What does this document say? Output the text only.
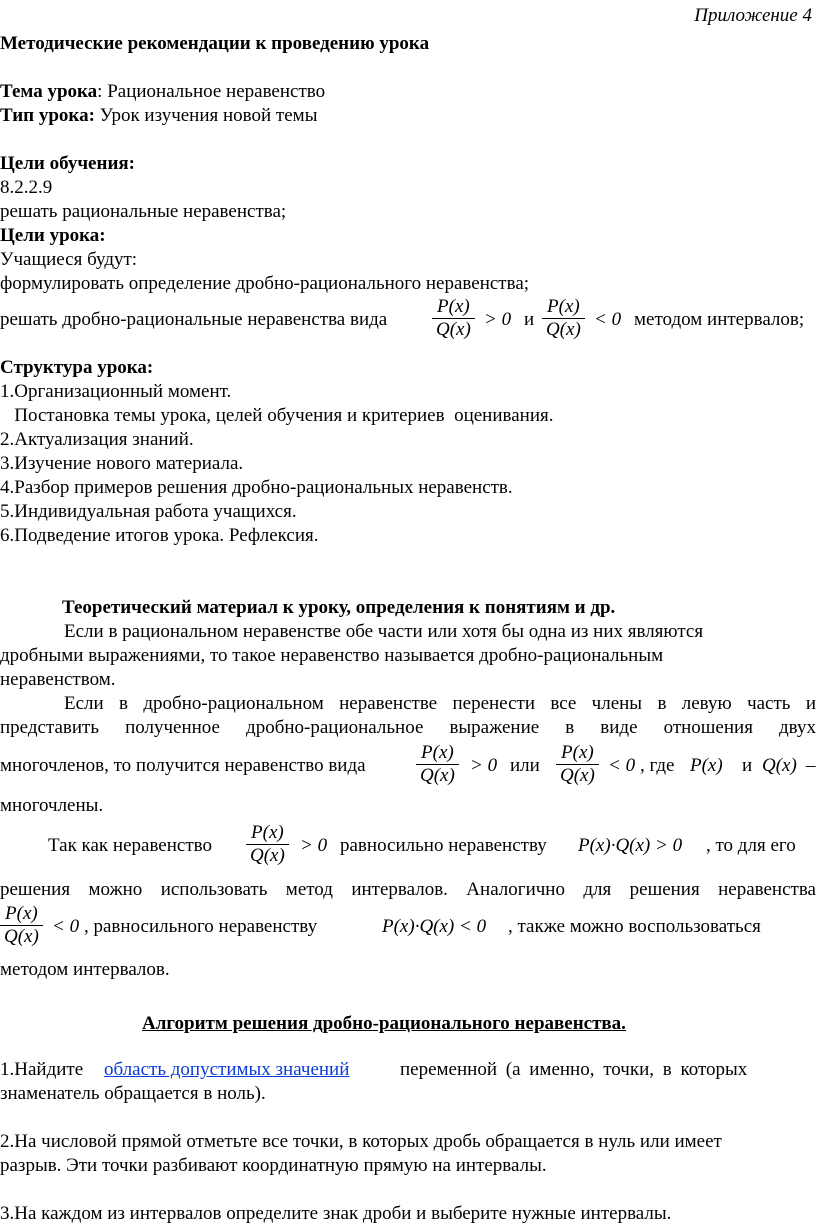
Приложение 4
Методические рекомендации к проведению урока
Тема урока: Рациональное неравенство
Тип урока: Урок изучения новой темы
Цели обучения:
8.2.2.9
решать рациональные неравенства;
Цели урока:
Учащиеся будут:
формулировать определение дробно-рационального неравенства;
решать дробно-рациональные неравенства вида $\frac{P(x)}{Q(x)} > 0$ и $\frac{P(x)}{Q(x)} < 0$ методом интервалов;
Структура урока:
1.Организационный момент.
Постановка темы урока, целей обучения и критериев  оценивания.
2.Актуализация знаний.
3.Изучение нового материала.
4.Разбор примеров решения дробно-рациональных неравенств.
5.Индивидуальная работа учащихся.
6.Подведение итогов урока. Рефлексия.
Теоретический материал к уроку, определения к понятиям и др.
Если в рациональном неравенстве обе части или хотя бы одна из них являются
дробными выражениями, то такое неравенство называется дробно-рациональным
неравенством.
Если в дробно-рациональном неравенстве перенести все члены в левую часть и
представить полученное дробно-рациональное выражение в виде отношения двух
многочленов, то получится неравенство вида	$\frac{P(x)}{Q(x)} > 0$ или $\frac{P(x)}{Q(x)} < 0$ , где P(x) и Q(x) –
многочлены.
Так как неравенство $\frac{P(x)}{Q(x)} > 0$ равносильно неравенству P(x)·Q(x) > 0 , то для его
решения можно использовать метод интервалов. Аналогично для решения неравенства
$\frac{P(x)}{Q(x)} < 0$ , равносильного неравенству	P(x)·Q(x) < 0 , также можно воспользоваться
методом интервалов.
Алгоритм решения дробно-рационального неравенства.
1.Найдите область допустимых значений	переменной (а именно, точки, в которых
знаменатель обращается в ноль).
2.На числовой прямой отметьте все точки, в которых дробь обращается в нуль или имеет
разрыв. Эти точки разбивают координатную прямую на интервалы.
3.На каждом из интервалов определите знак дроби и выберите нужные интервалы.
